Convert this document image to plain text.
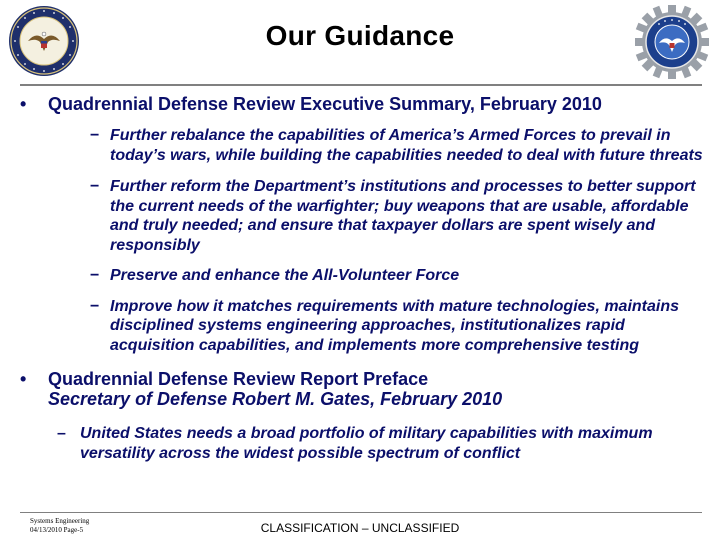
Our Guidance
• Quadrennial Defense Review Executive Summary, February 2010
− Further rebalance the capabilities of America’s Armed Forces to prevail in today’s wars, while building the capabilities needed to deal with future threats
− Further reform the Department’s institutions and processes to better support the current needs of the warfighter; buy weapons that are usable, affordable and truly needed; and ensure that taxpayer dollars are spent wisely and responsibly
− Preserve and enhance the All-Volunteer Force
− Improve how it matches requirements with mature technologies, maintains disciplined systems engineering approaches, institutionalizes rapid acquisition capabilities, and implements more comprehensive testing
• Quadrennial Defense Review Report Preface
Secretary of Defense Robert M. Gates, February 2010
– United States needs a broad portfolio of military capabilities with maximum versatility across the widest possible spectrum of conflict
Systems Engineering
04/13/2010 Page-5	CLASSIFICATION – UNCLASSIFIED
